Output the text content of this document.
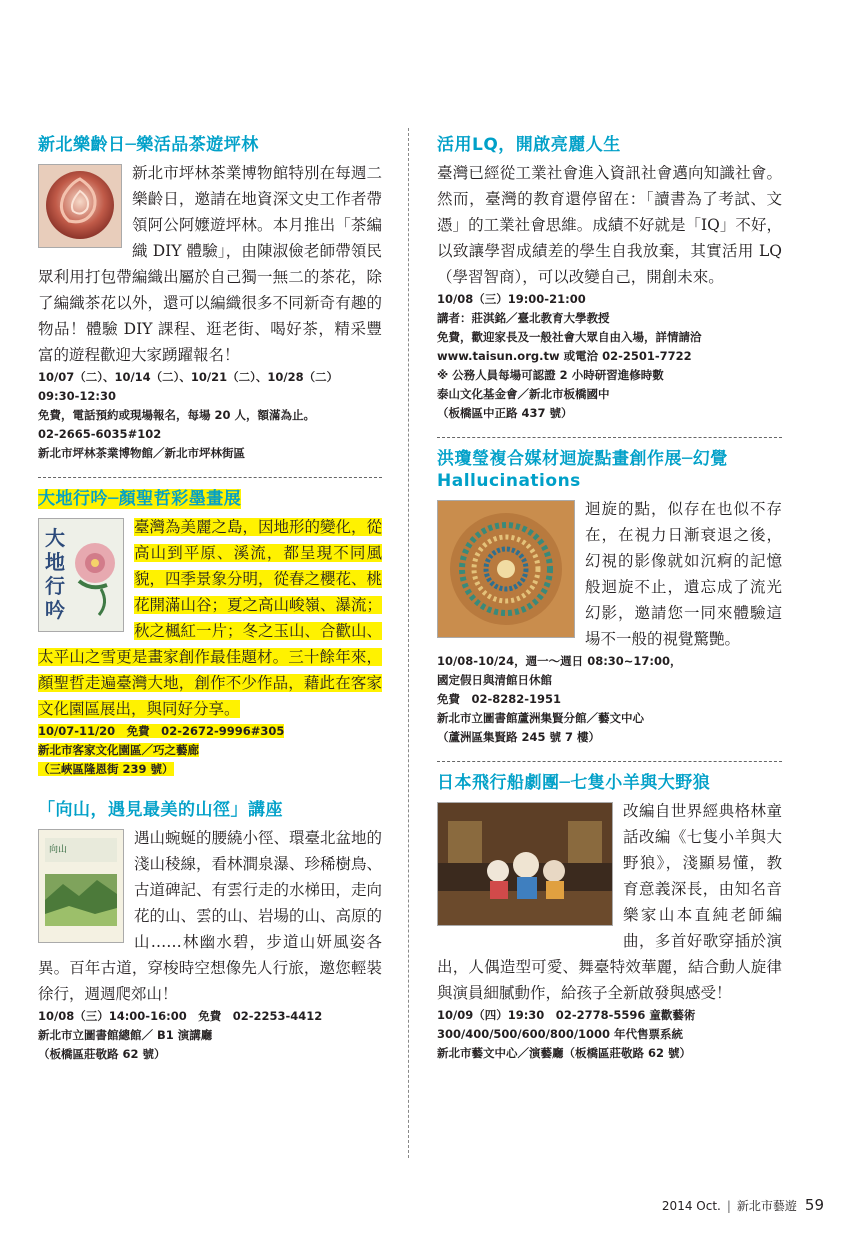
新北樂齡日─樂活品茶遊坪林
新北市坪林茶業博物館特別在每週二樂齡日，邀請在地資深文史工作者帶領阿公阿嬤遊坪林。本月推出「茶編織 DIY 體驗」，由陳淑儉老師帶領民眾利用打包帶編織出屬於自己獨一無二的茶花，除了編織茶花以外，還可以編織很多不同新奇有趣的物品！體驗 DIY 課程、逛老街、喝好茶，精采豐富的遊程歡迎大家踴躍報名！
10/07（二）、10/14（二）、10/21（二）、10/28（二）
09:30-12:30
免費，電話預約或現場報名，每場 20 人，額滿為止。
02-2665-6035#102
新北市坪林茶業博物館／新北市坪林街區
大地行吟─顏聖哲彩墨畫展
大
地
行
吟
臺灣為美麗之島，因地形的變化，從高山到平原、溪流，都呈現不同風貌，四季景象分明，從春之櫻花、桃花開滿山谷；夏之高山峻嶺、瀑流；秋之楓紅一片；冬之玉山、合歡山、太平山之雪更是畫家創作最佳題材。三十餘年來，顏聖哲走遍臺灣大地，創作不少作品，藉此在客家文化園區展出，與同好分享。
10/07-11/20　免費　02-2672-9996#305
新北市客家文化園區／巧之藝廊
（三峽區隆恩街 239 號）
「向山，遇見最美的山徑」講座
向山
遇山蜿蜒的腰繞小徑、環臺北盆地的淺山稜線，看林澗泉瀑、珍稀樹鳥、古道碑記、有雲行走的水梯田，走向花的山、雲的山、岩場的山、高原的山……林幽水碧，步道山妍風姿各異。百年古道，穿梭時空想像先人行旅，邀您輕裝徐行，週週爬郊山！
10/08（三）14:00-16:00　免費　02-2253-4412
新北市立圖書館總館／ B1 演講廳
（板橋區莊敬路 62 號）
活用LQ，開啟亮麗人生
臺灣已經從工業社會進入資訊社會邁向知識社會。然而，臺灣的教育還停留在：「讀書為了考試、文憑」的工業社會思維。成績不好就是「IQ」不好，以致讓學習成績差的學生自我放棄，其實活用 LQ（學習智商），可以改變自己，開創未來。
10/08（三）19:00-21:00
講者：莊淇銘／臺北教育大學教授
免費，歡迎家長及一般社會大眾自由入場，詳情請洽
www.taisun.org.tw 或電洽 02-2501-7722
※ 公務人員每場可認證 2 小時研習進修時數
泰山文化基金會／新北市板橋國中
（板橋區中正路 437 號）
洪瓊瑩複合媒材迴旋點畫創作展─幻覺Hallucinations
迴旋的點，似存在也似不存在，在視力日漸衰退之後，幻視的影像就如沉痾的記憶般迴旋不止，遺忘成了流光幻影，邀請您一同來體驗這場不一般的視覺驚艷。
10/08-10/24，週一～週日 08:30~17:00，
國定假日與清館日休館
免費　02-8282-1951
新北市立圖書館蘆洲集賢分館／藝文中心
（蘆洲區集賢路 245 號 7 樓）
日本飛行船劇團─七隻小羊與大野狼
改編自世界經典格林童話改編《七隻小羊與大野狼》，淺顯易懂，教育意義深長，由知名音樂家山本直純老師編曲，多首好歌穿插於演出，人偶造型可愛、舞臺特效華麗，結合動人旋律與演員細膩動作，給孩子全新啟發與感受！
10/09（四）19:30　02-2778-5596 童歡藝術
300/400/500/600/800/1000 年代售票系統
新北市藝文中心／演藝廳（板橋區莊敬路 62 號）
2014 Oct. | 新北市藝遊 59
